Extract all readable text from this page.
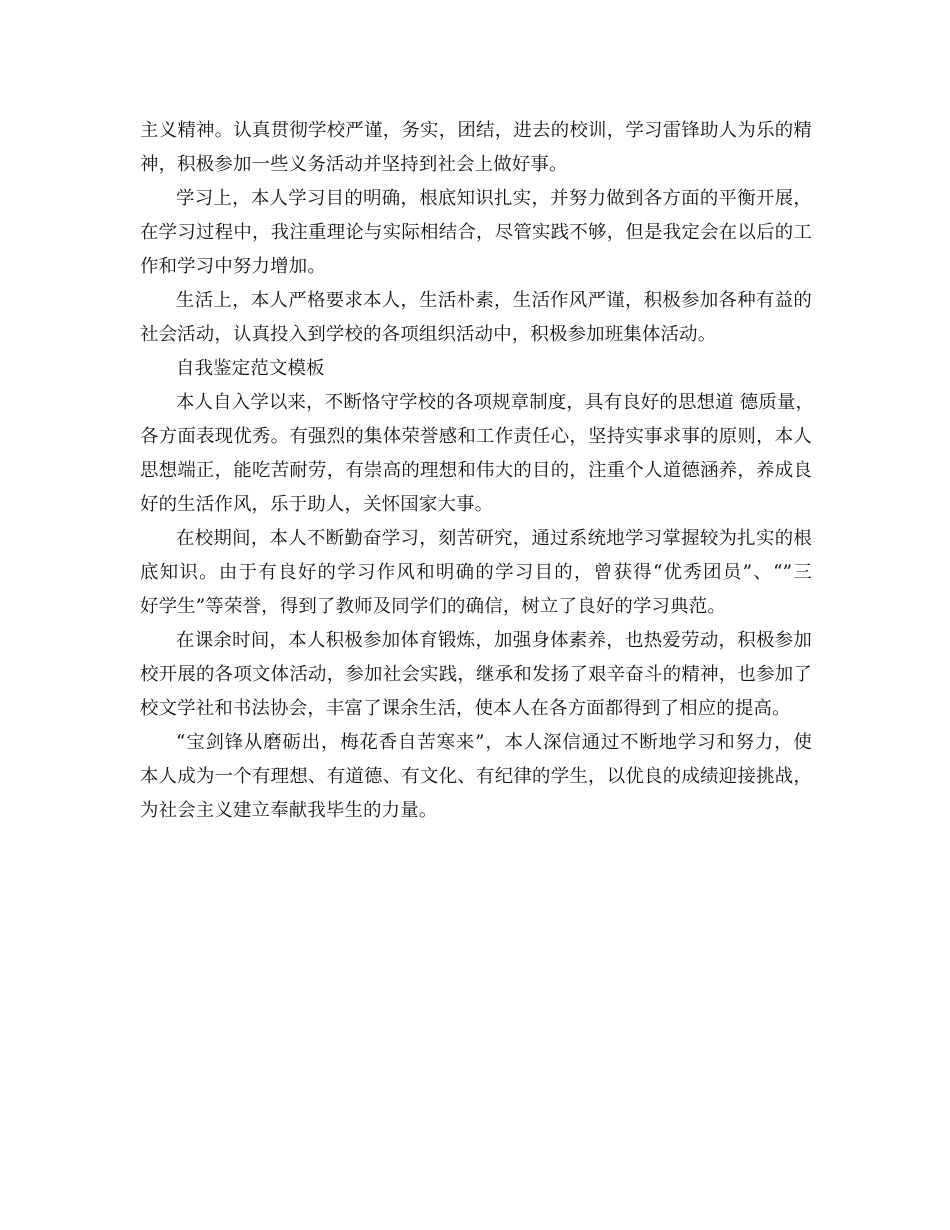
主义精神。认真贯彻学校严谨，务实，团结，进去的校训，学习雷锋助人为乐的精
神，积极参加一些义务活动并坚持到社会上做好事。
学习上，本人学习目的明确，根底知识扎实，并努力做到各方面的平衡开展，
在学习过程中，我注重理论与实际相结合，尽管实践不够，但是我定会在以后的工
作和学习中努力增加。
生活上，本人严格要求本人，生活朴素，生活作风严谨，积极参加各种有益的
社会活动，认真投入到学校的各项组织活动中，积极参加班集体活动。
自我鉴定范文模板
本人自入学以来，不断恪守学校的各项规章制度，具有良好的思想道 德质量，
各方面表现优秀。有强烈的集体荣誉感和工作责任心，坚持实事求事的原则，本人
思想端正，能吃苦耐劳，有崇高的理想和伟大的目的，注重个人道德涵养，养成良
好的生活作风，乐于助人，关怀国家大事。
在校期间，本人不断勤奋学习，刻苦研究，通过系统地学习掌握较为扎实的根
底知识。由于有良好的学习作风和明确的学习目的，曾获得“优秀团员”、“”三
好学生”等荣誉，得到了教师及同学们的确信，树立了良好的学习典范。
在课余时间，本人积极参加体育锻炼，加强身体素养，也热爱劳动，积极参加
校开展的各项文体活动，参加社会实践，继承和发扬了艰辛奋斗的精神，也参加了
校文学社和书法协会，丰富了课余生活，使本人在各方面都得到了相应的提高。
“宝剑锋从磨砺出，梅花香自苦寒来”，本人深信通过不断地学习和努力，使
本人成为一个有理想、有道德、有文化、有纪律的学生，以优良的成绩迎接挑战，
为社会主义建立奉献我毕生的力量。
